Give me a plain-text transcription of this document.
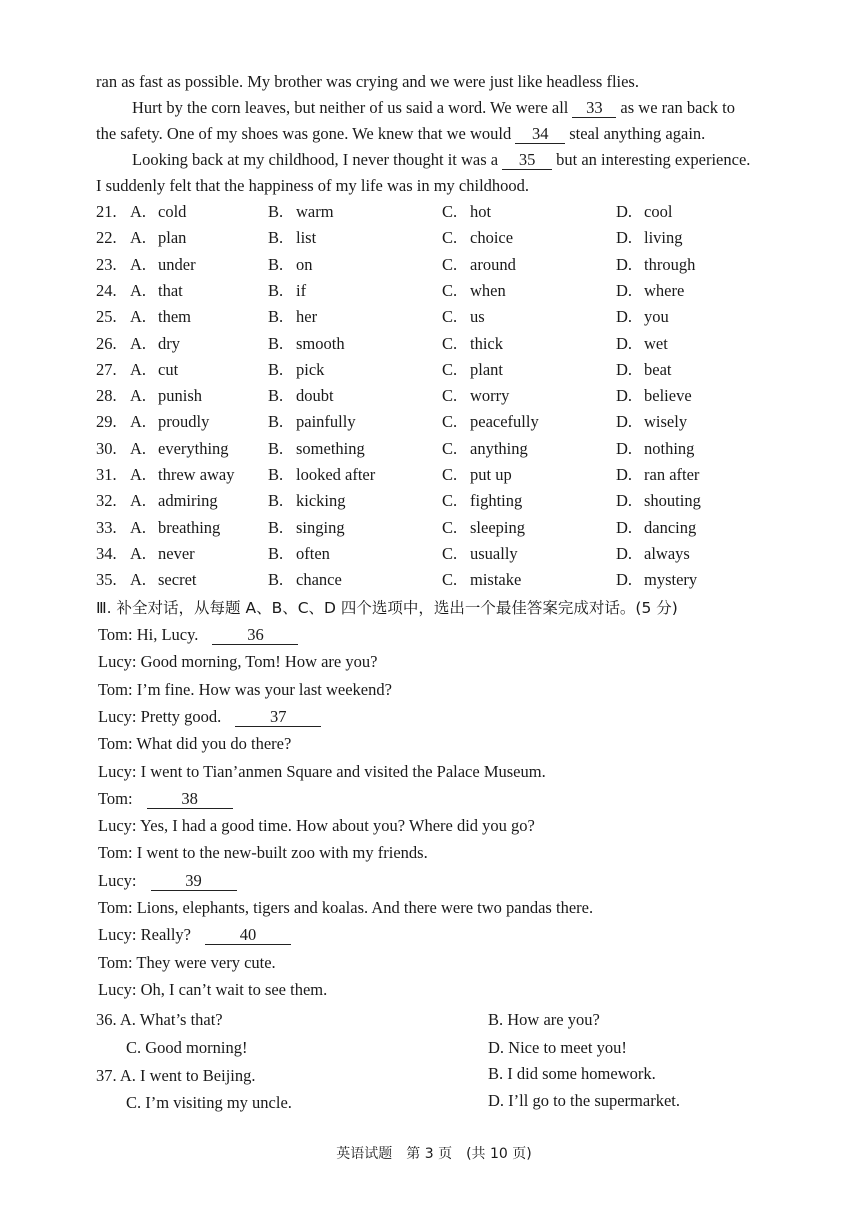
ran as fast as possible. My brother was crying and we were just like headless flies.
Hurt by the corn leaves, but neither of us said a word. We were all 33 as we ran back to
the safety. One of my shoes was gone. We knew that we would 34 steal anything again.
Looking back at my childhood, I never thought it was a 35 but an interesting experience.
I suddenly felt that the happiness of my life was in my childhood.
21. A. cold	B. warm	C. hot	D. cool
22. A. plan	B. list	C. choice	D. living
23. A. under	B. on	C. around	D. through
24. A. that	B. if	C. when	D. where
25. A. them	B. her	C. us	D. you
26. A. dry	B. smooth	C. thick	D. wet
27. A. cut	B. pick	C. plant	D. beat
28. A. punish	B. doubt	C. worry	D. believe
29. A. proudly	B. painfully	C. peacefully	D. wisely
30. A. everything B. something	C. anything	D. nothing
31. A. threw away B. looked after	C. put up	D. ran after
32. A. admiring	B. kicking	C. fighting	D. shouting
33. A. breathing	B. singing	C. sleeping	D. dancing
34. A. never	B. often	C. usually	D. always
35. A. secret	B. chance	C. mistake	D. mystery
Ⅲ. 补全对话，从每题 A、B、C、D 四个选项中，选出一个最佳答案完成对话。(5 分)
Tom: Hi, Lucy.	36
Lucy: Good morning, Tom! How are you?
Tom: I’m fine. How was your last weekend?
Lucy: Pretty good.	37
Tom: What did you do there?
Lucy: I went to Tian’anmen Square and visited the Palace Museum.
Tom:	38
Lucy: Yes, I had a good time. How about you? Where did you go?
Tom: I went to the new-built zoo with my friends.
Lucy:	39
Tom: Lions, elephants, tigers and koalas. And there were two pandas there.
Lucy: Really?	40
Tom: They were very cute.
Lucy: Oh, I can’t wait to see them.
36. A. What’s that?	B. How are you?
C. Good morning!	D. Nice to meet you!
37. A. I went to Beijing.	B. I did some homework.
C. I’m visiting my uncle.	D. I’ll go to the supermarket.
英语试题　第 3 页　(共 10 页)
